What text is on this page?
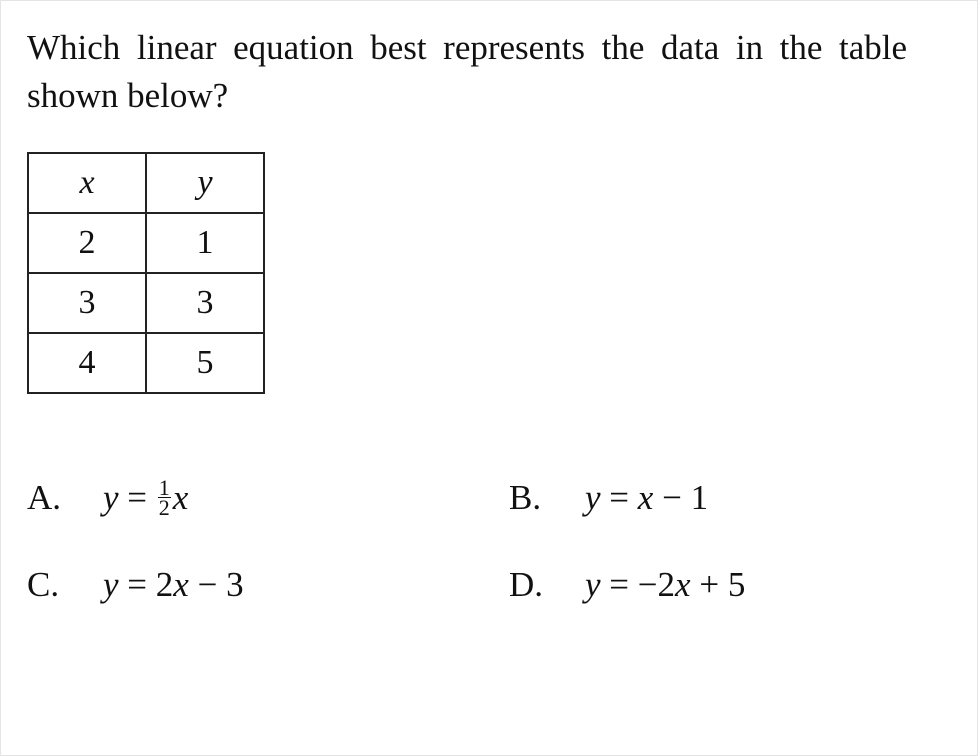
Which linear equation best represents the data in the table shown below?

x	y
2	1
3	3
4	5
A. $y = \frac{1}{2}$ x	B. y = x − 1
C. y = 2x − 3	D. y = −2x + 5
